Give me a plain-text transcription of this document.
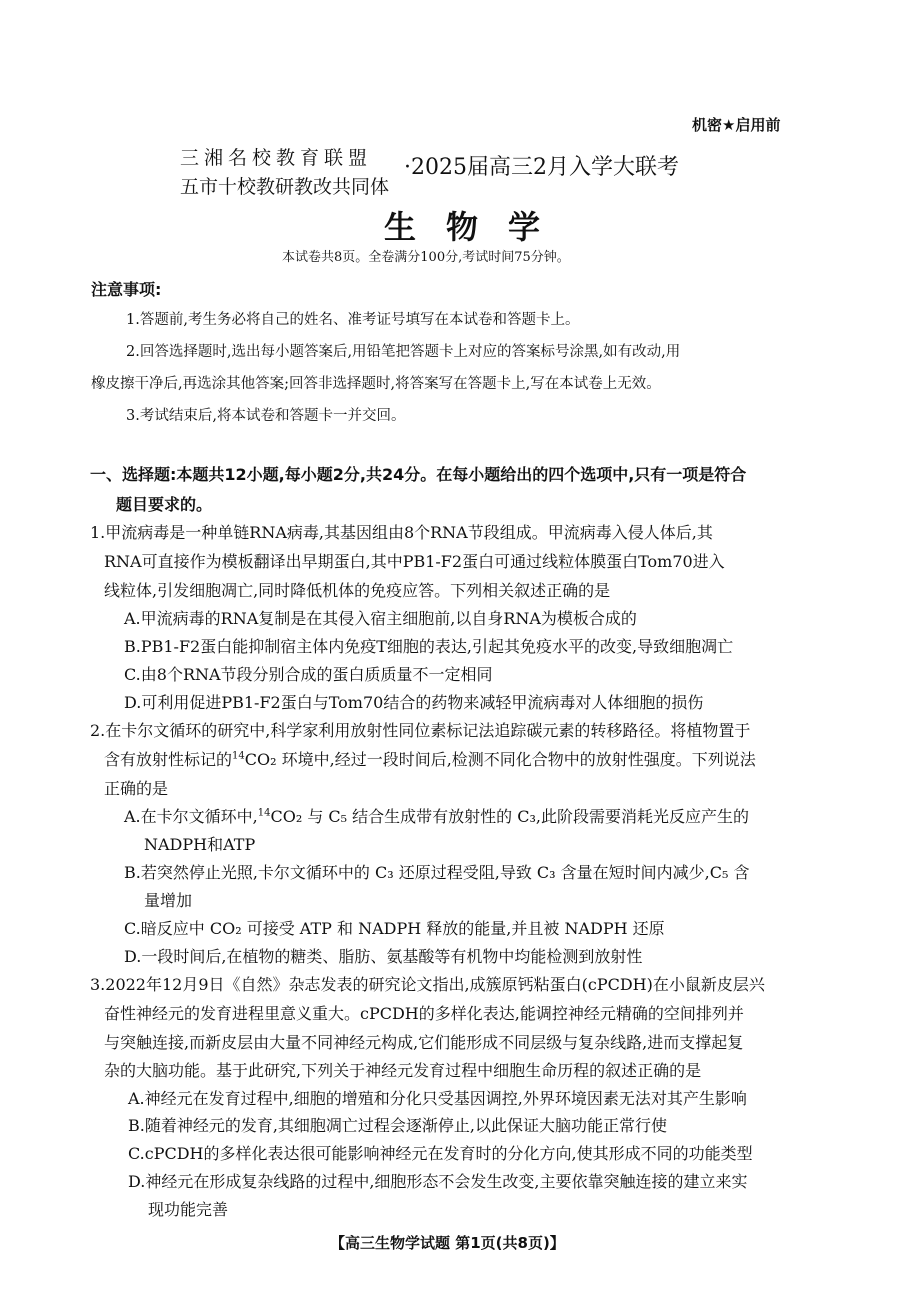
机密★启用前
三湘名校教育联盟
五市十校教研教改共同体
·2025届高三2月入学大联考
生物学
本试卷共8页。全卷满分100分,考试时间75分钟。
注意事项:
1.答题前,考生务必将自己的姓名、准考证号填写在本试卷和答题卡上。
2.回答选择题时,选出每小题答案后,用铅笔把答题卡上对应的答案标号涂黑,如有改动,用
橡皮擦干净后,再选涂其他答案;回答非选择题时,将答案写在答题卡上,写在本试卷上无效。
3.考试结束后,将本试卷和答题卡一并交回。
一、选择题:本题共12小题,每小题2分,共24分。在每小题给出的四个选项中,只有一项是符合
题目要求的。
1.甲流病毒是一种单链RNA病毒,其基因组由8个RNA节段组成。甲流病毒入侵人体后,其
RNA可直接作为模板翻译出早期蛋白,其中PB1-F2蛋白可通过线粒体膜蛋白Tom70进入
线粒体,引发细胞凋亡,同时降低机体的免疫应答。下列相关叙述正确的是
A.甲流病毒的RNA复制是在其侵入宿主细胞前,以自身RNA为模板合成的
B.PB1-F2蛋白能抑制宿主体内免疫T细胞的表达,引起其免疫水平的改变,导致细胞凋亡
C.由8个RNA节段分别合成的蛋白质质量不一定相同
D.可利用促进PB1-F2蛋白与Tom70结合的药物来减轻甲流病毒对人体细胞的损伤
2.在卡尔文循环的研究中,科学家利用放射性同位素标记法追踪碳元素的转移路径。将植物置于
含有放射性标记的$^{14}$CO₂ 环境中,经过一段时间后,检测不同化合物中的放射性强度。下列说法
正确的是
A.在卡尔文循环中,$^{14}$CO₂ 与 C₅ 结合生成带有放射性的 C₃,此阶段需要消耗光反应产生的
NADPH和ATP
B.若突然停止光照,卡尔文循环中的 C₃ 还原过程受阻,导致 C₃ 含量在短时间内减少,C₅ 含
量增加
C.暗反应中 CO₂ 可接受 ATP 和 NADPH 释放的能量,并且被 NADPH 还原
D.一段时间后,在植物的糖类、脂肪、氨基酸等有机物中均能检测到放射性
3.2022年12月9日《自然》杂志发表的研究论文指出,成簇原钙粘蛋白(cPCDH)在小鼠新皮层兴
奋性神经元的发育进程里意义重大。cPCDH的多样化表达,能调控神经元精确的空间排列并
与突触连接,而新皮层由大量不同神经元构成,它们能形成不同层级与复杂线路,进而支撑起复
杂的大脑功能。基于此研究,下列关于神经元发育过程中细胞生命历程的叙述正确的是
A.神经元在发育过程中,细胞的增殖和分化只受基因调控,外界环境因素无法对其产生影响
B.随着神经元的发育,其细胞凋亡过程会逐渐停止,以此保证大脑功能正常行使
C.cPCDH的多样化表达很可能影响神经元在发育时的分化方向,使其形成不同的功能类型
D.神经元在形成复杂线路的过程中,细胞形态不会发生改变,主要依靠突触连接的建立来实
现功能完善
【高三生物学试题 第1页(共8页)】
